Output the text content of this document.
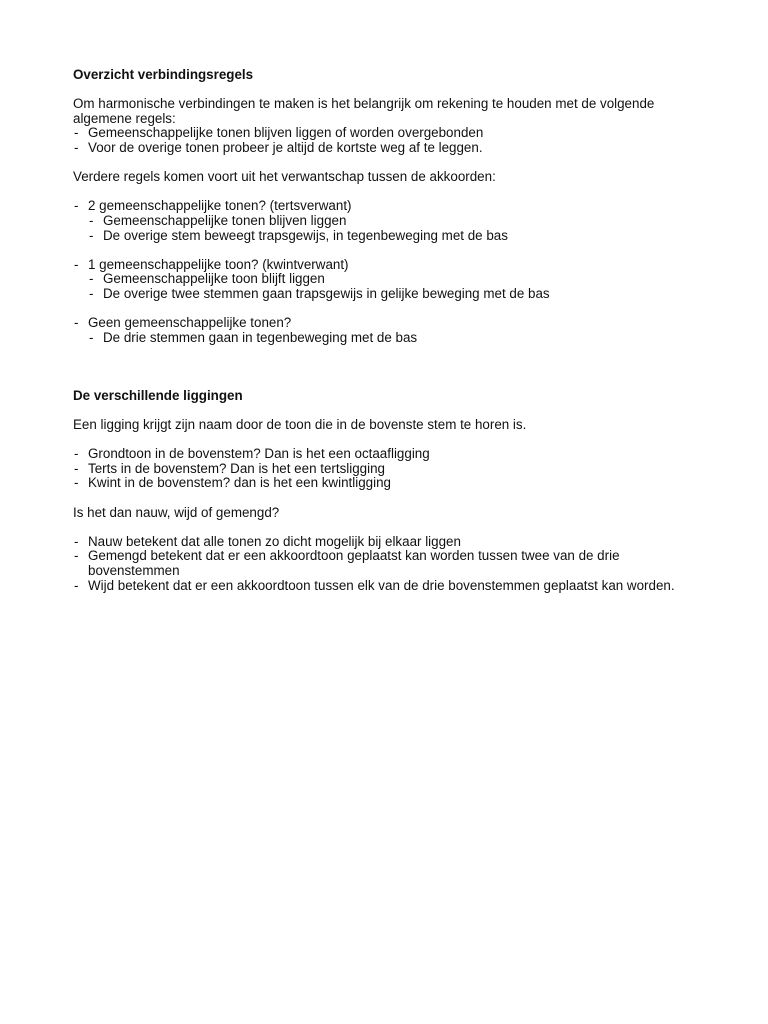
Overzicht verbindingsregels

Om harmonische verbindingen te maken is het belangrijk om rekening te houden met de volgende algemene regels:

- Gemeenschappelijke tonen blijven liggen of worden overgebonden
- Voor de overige tonen probeer je altijd de kortste weg af te leggen.

Verdere regels komen voort uit het verwantschap tussen de akkoorden:

- 2 gemeenschappelijke tonen? (tertsverwant)
- Gemeenschappelijke tonen blijven liggen
- De overige stem beweegt trapsgewijs, in tegenbeweging met de bas
- 1 gemeenschappelijke toon? (kwintverwant)
- Gemeenschappelijke toon blijft liggen
- De overige twee stemmen gaan trapsgewijs in gelijke beweging met de bas
- Geen gemeenschappelijke tonen?
- De drie stemmen gaan in tegenbeweging met de bas

De verschillende liggingen

Een ligging krijgt zijn naam door de toon die in de bovenste stem te horen is.

- Grondtoon in de bovenstem? Dan is het een octaafligging
- Terts in de bovenstem? Dan is het een tertsligging
- Kwint in de bovenstem? dan is het een kwintligging

Is het dan nauw, wijd of gemengd?

- Nauw betekent dat alle tonen zo dicht mogelijk bij elkaar liggen
- Gemengd betekent dat er een akkoordtoon geplaatst kan worden tussen twee van de drie bovenstemmen
- Wijd betekent dat er een akkoordtoon tussen elk van de drie bovenstemmen geplaatst kan worden.
